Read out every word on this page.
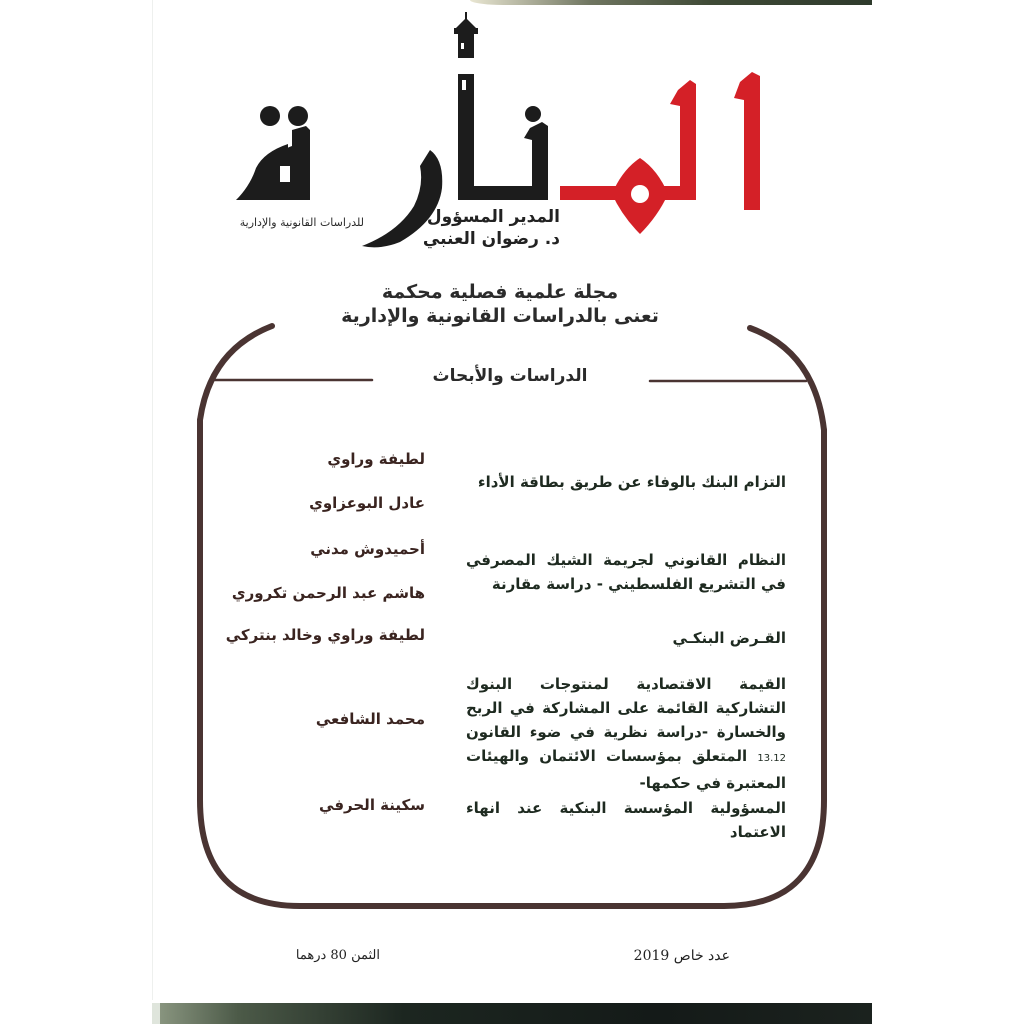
للدراسات القانونية والإدارية	المدير المسؤول
د. رضوان العنبي
مجلة علمية فصلية محكمة
تعنى بالدراسات القانونية والإدارية
الدراسات والأبحاث
التزام البنك بالوفاء عن طريق بطاقة الأداء
لطيفة وراوي
عادل البوعزاوي
النظام القانوني لجريمة الشيك المصرفي في التشريع الفلسطيني - دراسة مقارنة
أحميدوش مدني
هاشم عبد الرحمن تكروري
القـرض البنكـي
لطيفة وراوي وخالد بنتركي
القيمة الاقتصادية لمنتوجات البنوك التشاركية القائمة على المشاركة في الربح والخسارة -دراسة نظرية في ضوء القانون 13.12 المتعلق بمؤسسات الائتمان والهيئات المعتبرة في حكمها-
محمد الشافعي
المسؤولية المؤسسة البنكية عند انهاء الاعتماد
سكينة الحرفي
عدد خاص 2019
الثمن 80 درهما
